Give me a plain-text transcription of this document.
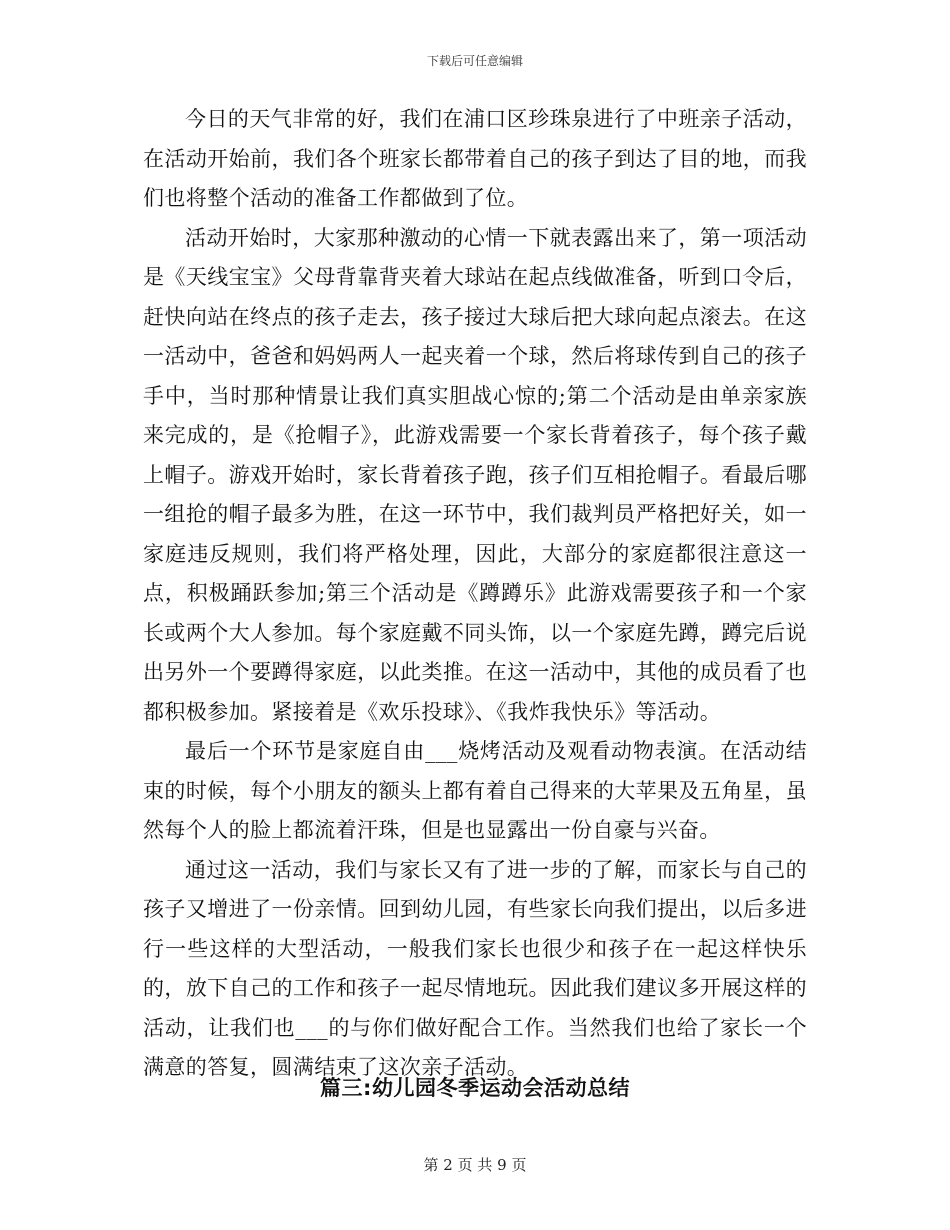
下载后可任意编辑

今日的天气非常的好，我们在浦口区珍珠泉进行了中班亲子活动，在活动开始前，我们各个班家长都带着自己的孩子到达了目的地，而我们也将整个活动的准备工作都做到了位。

活动开始时，大家那种激动的心情一下就表露出来了，第一项活动是《天线宝宝》父母背靠背夹着大球站在起点线做准备，听到口令后，赶快向站在终点的孩子走去，孩子接过大球后把大球向起点滚去。在这一活动中，爸爸和妈妈两人一起夹着一个球，然后将球传到自己的孩子手中，当时那种情景让我们真实胆战心惊的;第二个活动是由单亲家族来完成的，是《抢帽子》，此游戏需要一个家长背着孩子，每个孩子戴上帽子。游戏开始时，家长背着孩子跑，孩子们互相抢帽子。看最后哪一组抢的帽子最多为胜，在这一环节中，我们裁判员严格把好关，如一家庭违反规则，我们将严格处理，因此，大部分的家庭都很注意这一点，积极踊跃参加;第三个活动是《蹲蹲乐》此游戏需要孩子和一个家长或两个大人参加。每个家庭戴不同头饰，以一个家庭先蹲，蹲完后说出另外一个要蹲得家庭，以此类推。在这一活动中，其他的成员看了也都积极参加。紧接着是《欢乐投球》、《我炸我快乐》等活动。

最后一个环节是家庭自由___烧烤活动及观看动物表演。在活动结束的时候，每个小朋友的额头上都有着自己得来的大苹果及五角星，虽然每个人的脸上都流着汗珠，但是也显露出一份自豪与兴奋。

通过这一活动，我们与家长又有了进一步的了解，而家长与自己的孩子又增进了一份亲情。回到幼儿园，有些家长向我们提出，以后多进行一些这样的大型活动，一般我们家长也很少和孩子在一起这样快乐的，放下自己的工作和孩子一起尽情地玩。因此我们建议多开展这样的活动，让我们也___的与你们做好配合工作。当然我们也给了家长一个满意的答复，圆满结束了这次亲子活动。

篇三:幼儿园冬季运动会活动总结
第 2 页 共 9 页
